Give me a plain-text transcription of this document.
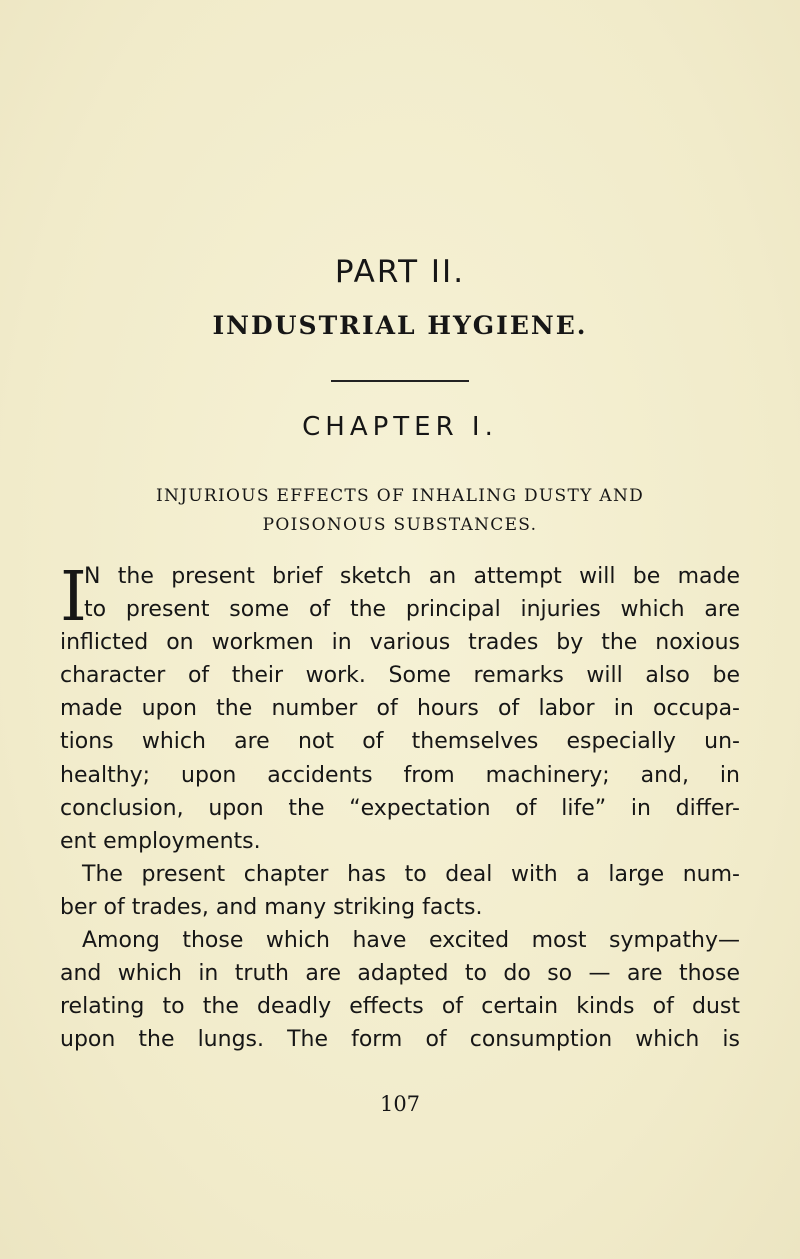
PART II.
INDUSTRIAL HYGIENE.
CHAPTER I.
INJURIOUS EFFECTS OF INHALING DUSTY AND
POISONOUS SUBSTANCES.
I
N the present brief sketch an attempt will be made
to present some of the principal injuries which are
inflicted on workmen in various trades by the noxious
character of their work. Some remarks will also be
made upon the number of hours of labor in occupa-
tions which are not of themselves especially un-
healthy; upon accidents from machinery; and, in
conclusion, upon the “expectation of life” in differ-
ent employments.
The present chapter has to deal with a large num-
ber of trades, and many striking facts.
Among those which have excited most sympathy—
and which in truth are adapted to do so — are those
relating to the deadly effects of certain kinds of dust
upon the lungs. The form of consumption which is
107
